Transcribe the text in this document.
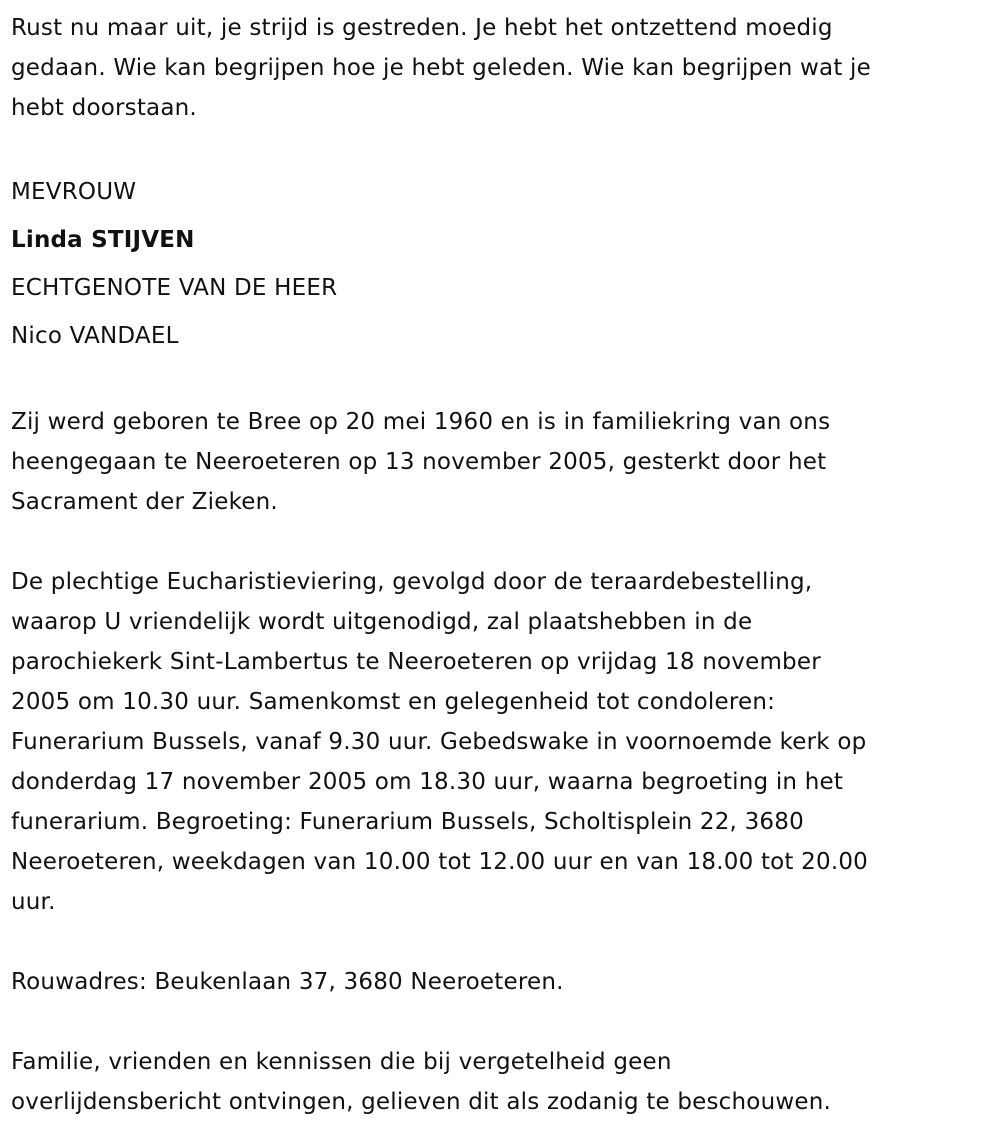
Rust nu maar uit, je strijd is gestreden. Je hebt het ontzettend moedig

gedaan. Wie kan begrijpen hoe je hebt geleden. Wie kan begrijpen wat je

hebt doorstaan.

MEVROUW

Linda STIJVEN

ECHTGENOTE VAN DE HEER

Nico VANDAEL

Zij werd geboren te Bree op 20 mei 1960 en is in familiekring van ons

heengegaan te Neeroeteren op 13 november 2005, gesterkt door het

Sacrament der Zieken.

De plechtige Eucharistieviering, gevolgd door de teraardebestelling,

waarop U vriendelijk wordt uitgenodigd, zal plaatshebben in de

parochiekerk Sint-Lambertus te Neeroeteren op vrijdag 18 november

2005 om 10.30 uur. Samenkomst en gelegenheid tot condoleren:

Funerarium Bussels, vanaf 9.30 uur. Gebedswake in voornoemde kerk op

donderdag 17 november 2005 om 18.30 uur, waarna begroeting in het

funerarium. Begroeting: Funerarium Bussels, Scholtisplein 22, 3680

Neeroeteren, weekdagen van 10.00 tot 12.00 uur en van 18.00 tot 20.00

uur.

Rouwadres: Beukenlaan 37, 3680 Neeroeteren.

Familie, vrienden en kennissen die bij vergetelheid geen

overlijdensbericht ontvingen, gelieven dit als zodanig te beschouwen.
